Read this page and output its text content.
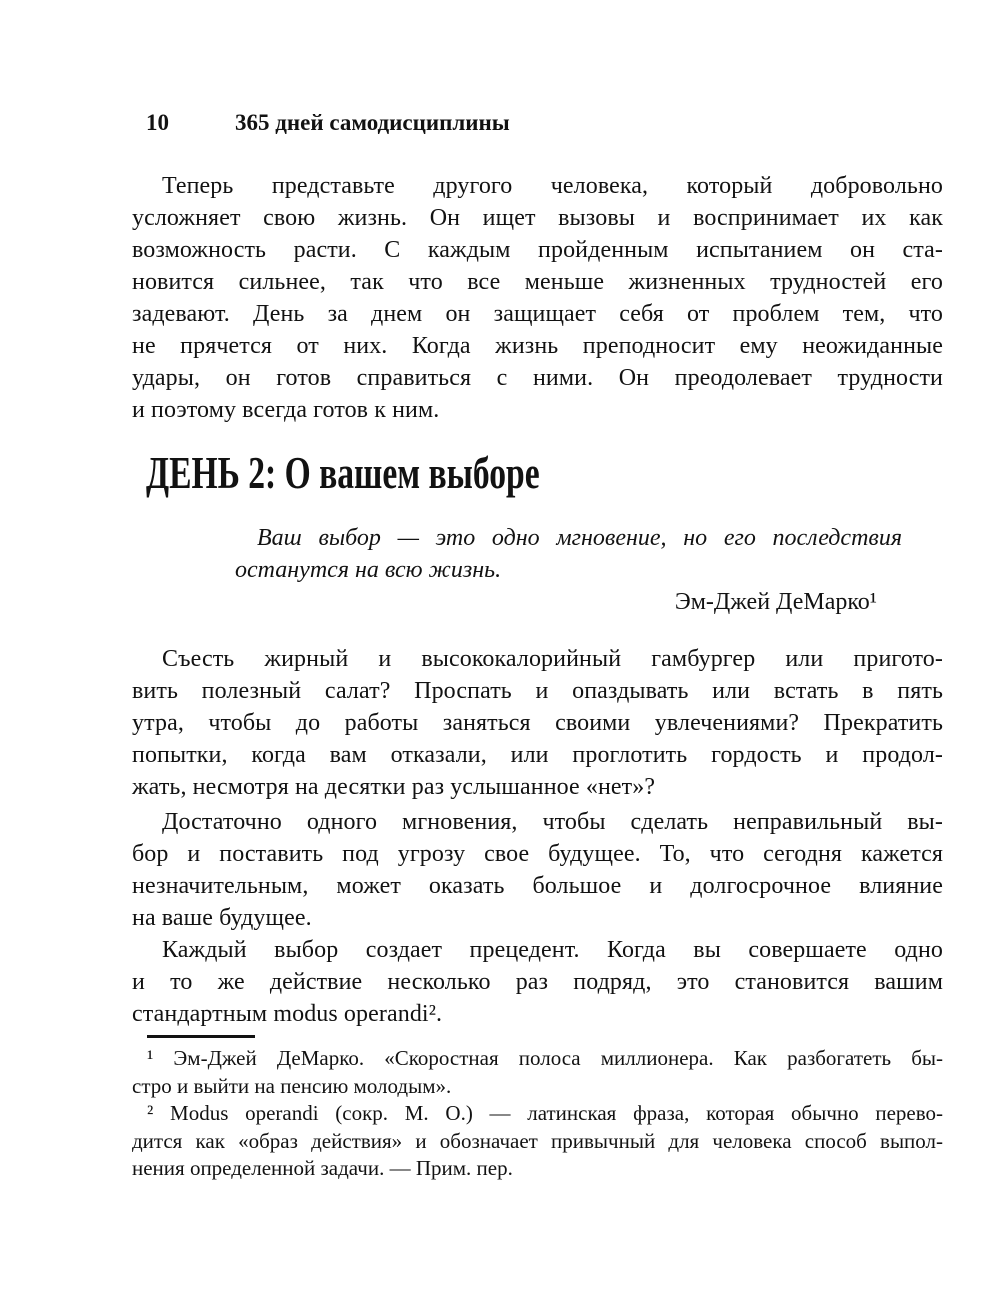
10	365 дней самодисциплины
Теперь представьте другого человека, который добровольно
усложняет свою жизнь. Он ищет вызовы и воспринимает их как
возможность расти. С каждым пройденным испытанием он ста-
новится сильнее, так что все меньше жизненных трудностей его
задевают. День за днем он защищает себя от проблем тем, что
не прячется от них. Когда жизнь преподносит ему неожиданные
удары, он готов справиться с ними. Он преодолевает трудности
и поэтому всегда готов к ним.
ДЕНЬ 2: О вашем выборе
Ваш выбор — это одно мгновение, но его последствия
останутся на всю жизнь.
Эм-Джей ДеМарко¹
Съесть жирный и высококалорийный гамбургер или пригото-
вить полезный салат? Проспать и опаздывать или встать в пять
утра, чтобы до работы заняться своими увлечениями? Прекратить
попытки, когда вам отказали, или проглотить гордость и продол-
жать, несмотря на десятки раз услышанное «нет»?
Достаточно одного мгновения, чтобы сделать неправильный вы-
бор и поставить под угрозу свое будущее. То, что сегодня кажется
незначительным, может оказать большое и долгосрочное влияние
на ваше будущее.
Каждый выбор создает прецедент. Когда вы совершаете одно
и то же действие несколько раз подряд, это становится вашим
стандартным modus operandi².
¹ Эм-Джей ДеМарко. «Скоростная полоса миллионера. Как разбогатеть бы-
стро и выйти на пенсию молодым».
² Modus operandi (сокр. М. О.) — латинская фраза, которая обычно перево-
дится как «образ действия» и обозначает привычный для человека способ выпол-
нения определенной задачи. — Прим. пер.
